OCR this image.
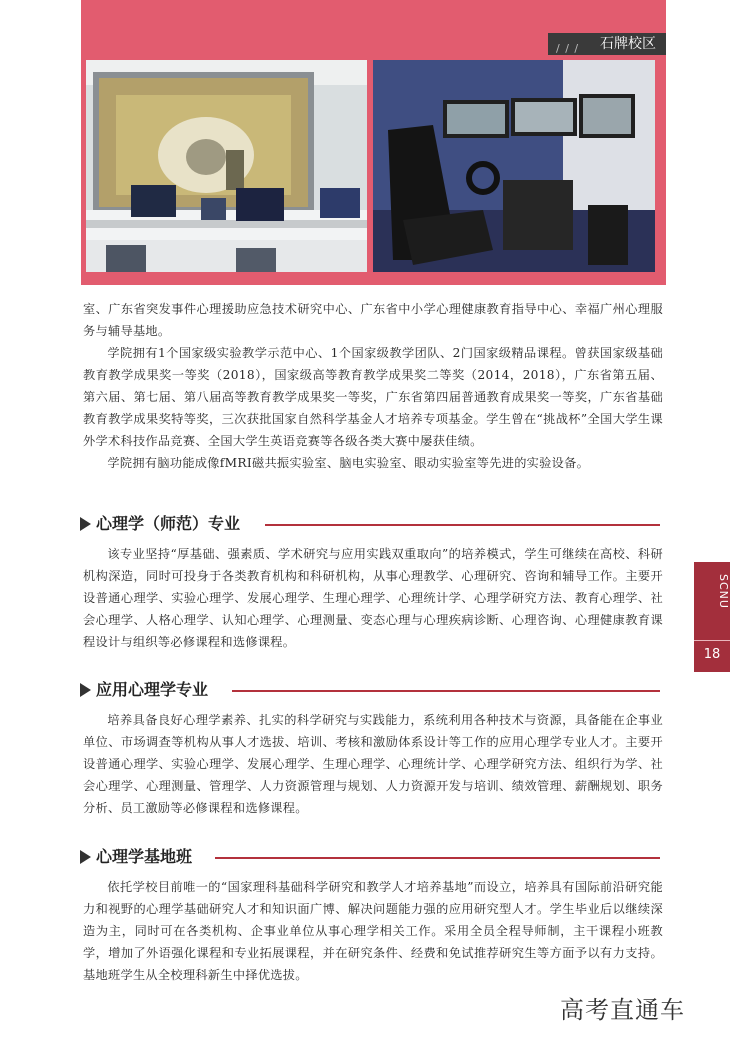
/ / / 石牌校区

室、广东省突发事件心理援助应急技术研究中心、广东省中小学心理健康教育指导中心、幸福广州心理服务与辅导基地。

学院拥有1个国家级实验教学示范中心、1个国家级教学团队、2门国家级精品课程。曾获国家级基础教育教学成果奖一等奖（2018），国家级高等教育教学成果奖二等奖（2014，2018），广东省第五届、第六届、第七届、第八届高等教育教学成果奖一等奖，广东省第四届普通教育成果奖一等奖，广东省基础教育教学成果奖特等奖，三次获批国家自然科学基金人才培养专项基金。学生曾在“挑战杯”全国大学生课外学术科技作品竞赛、全国大学生英语竞赛等各级各类大赛中屡获佳绩。

学院拥有脑功能成像fMRI磁共振实验室、脑电实验室、眼动实验室等先进的实验设备。

心理学（师范）专业

该专业坚持“厚基础、强素质、学术研究与应用实践双重取向”的培养模式，学生可继续在高校、科研机构深造，同时可投身于各类教育机构和科研机构，从事心理教学、心理研究、咨询和辅导工作。主要开设普通心理学、实验心理学、发展心理学、生理心理学、心理统计学、心理学研究方法、教育心理学、社会心理学、人格心理学、认知心理学、心理测量、变态心理与心理疾病诊断、心理咨询、心理健康教育课程设计与组织等必修课程和选修课程。

应用心理学专业

培养具备良好心理学素养、扎实的科学研究与实践能力，系统利用各种技术与资源，具备能在企事业单位、市场调查等机构从事人才选拔、培训、考核和激励体系设计等工作的应用心理学专业人才。主要开设普通心理学、实验心理学、发展心理学、生理心理学、心理统计学、心理学研究方法、组织行为学、社会心理学、心理测量、管理学、人力资源管理与规划、人力资源开发与培训、绩效管理、薪酬规划、职务分析、员工激励等必修课程和选修课程。

心理学基地班

依托学校目前唯一的“国家理科基础科学研究和教学人才培养基地”而设立，培养具有国际前沿研究能力和视野的心理学基础研究人才和知识面广博、解决问题能力强的应用研究型人才。学生毕业后以继续深造为主，同时可在各类机构、企事业单位从事心理学相关工作。采用全员全程导师制，主干课程小班教学，增加了外语强化课程和专业拓展课程，并在研究条件、经费和免试推荐研究生等方面予以有力支持。基地班学生从全校理科新生中择优选拔。

SCNU
18
高考直通车
